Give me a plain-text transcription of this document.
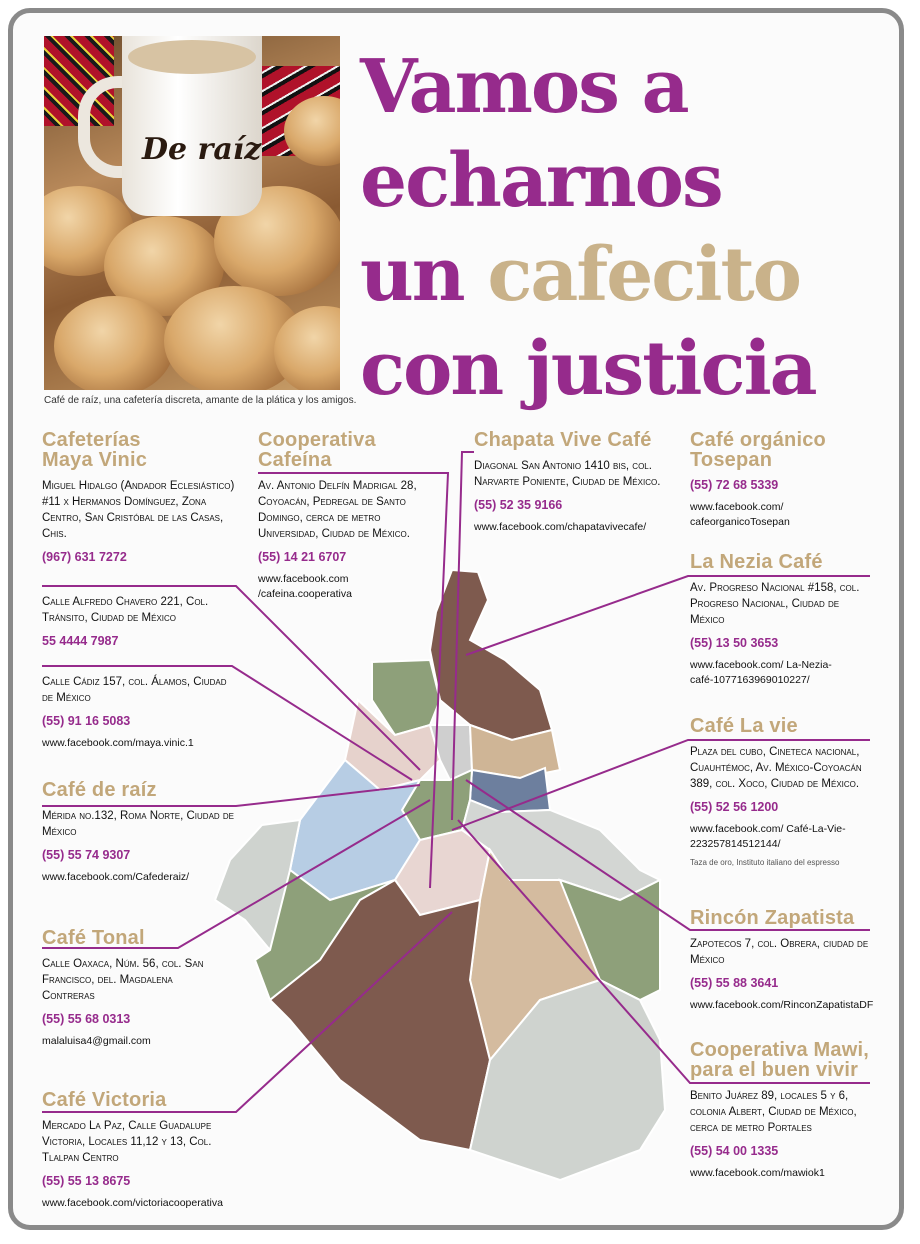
De raíz
Café de raíz, una cafetería discreta, amante de la plática y los amigos.
Vamos a
echarnos
un cafecito
con justicia
Cafeterías Maya Vinic
Miguel Hidalgo (Andador Eclesiástico) #11 x Hermanos Domínguez, Zona Centro, San Cristóbal de las Casas, Chis.
(967) 631 7272
Calle Alfredo Chavero 221, Col. Tránsito, Ciudad de México
55 4444 7987
Calle Cádiz 157, col. Álamos, Ciudad de México
(55) 91 16 5083
www.facebook.com/maya.vinic.1
Café de raíz
Mérida no.132, Roma Norte, Ciudad de México
(55) 55 74 9307
www.facebook.com/Cafederaiz/
Café Tonal
Calle Oaxaca, Núm. 56, col. San Francisco, del. Magdalena Contreras
(55) 55 68 0313
malaluisa4@gmail.com
Café Victoria
Mercado La Paz, Calle Guadalupe Victoria, Locales 11,12 y 13, Col. Tlalpan Centro
(55) 55 13 8675
www.facebook.com/victoriacooperativa
Cooperativa Cafeína
Av. Antonio Delfín Madrigal 28, Coyoacán, Pedregal de Santo Domingo, cerca de metro Universidad, Ciudad de México.
(55) 14 21 6707
www.facebook.com /cafeina.cooperativa
Chapata Vive Café
Diagonal San Antonio 1410 bis, col. Narvarte Poniente, Ciudad de México.
(55) 52 35 9166
www.facebook.com/chapatavivecafe/
Café orgánico Tosepan
(55) 72 68 5339
www.facebook.com/ cafeorganicoTosepan
La Nezia Café
Av. Progreso Nacional #158, col. Progreso Nacional, Ciudad de México
(55) 13 50 3653
www.facebook.com/ La-Nezia-café-1077163969010227/
Café La vie
Plaza del cubo, Cineteca nacional, Cuauhtémoc, Av. México-Coyoacán 389, col. Xoco, Ciudad de México.
(55) 52 56 1200
www.facebook.com/ Café-La-Vie-223257814512144/
Taza de oro, Instituto italiano del espresso
Rincón Zapatista
Zapotecos 7, col. Obrera, ciudad de México
(55) 55 88 3641
www.facebook.com/RinconZapatistaDF
Cooperativa Mawi, para el buen vivir
Benito Juárez 89, locales 5 y 6, colonia Albert, Ciudad de México, cerca de metro Portales
(55) 54 00 1335
www.facebook.com/mawiok1
